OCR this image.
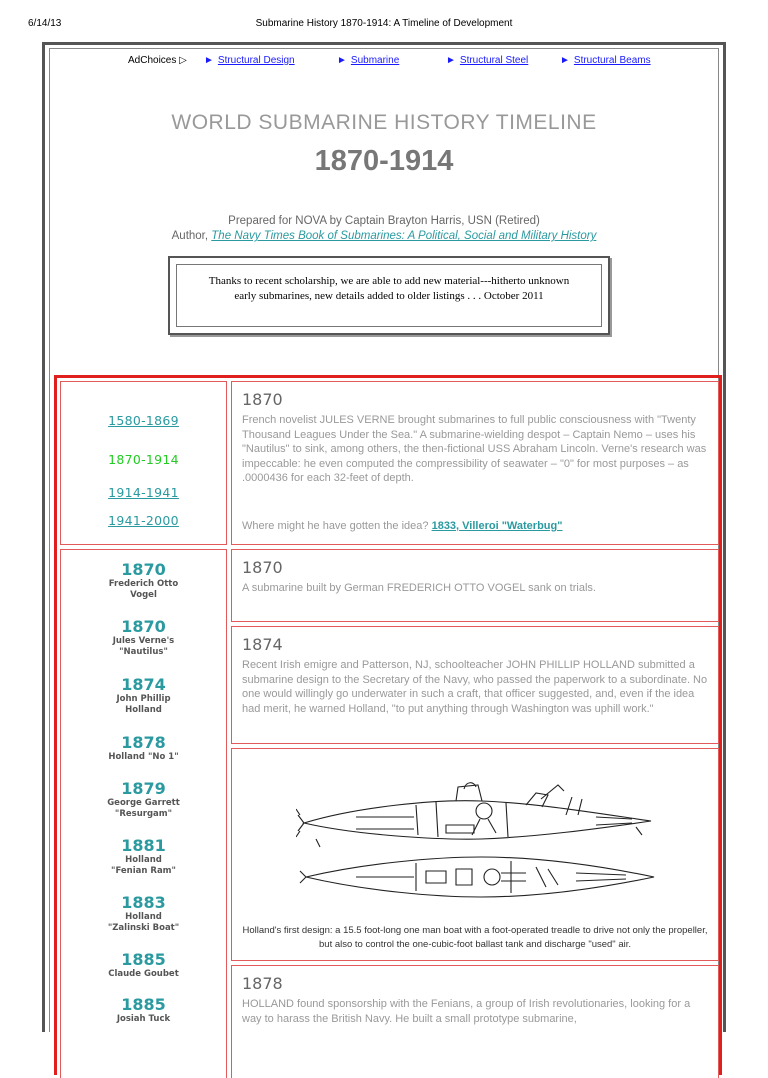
6/14/13	Submarine History 1870-1914: A Timeline of Development
AdChoices ▷ ► Structural Design	► Submarine	► Structural Steel	► Structural Beams
WORLD SUBMARINE HISTORY TIMELINE
1870-1914
Prepared for NOVA by Captain Brayton Harris, USN (Retired)
Author, The Navy Times Book of Submarines: A Political, Social and Military History
Thanks to recent scholarship, we are able to add new material---hitherto unknown
early submarines, new details added to older listings . . . October 2011
1580-1869
1870-1914
1914-1941
1941-2000
1870
French novelist JULES VERNE brought submarines to full public consciousness with "Twenty Thousand Leagues Under the Sea." A submarine-wielding despot – Captain Nemo – uses his "Nautilus" to sink, among others, the then-fictional USS Abraham Lincoln. Verne's research was impeccable: he even computed the compressibility of seawater – "0" for most purposes – as .0000436 for each 32-feet of depth.
Where might he have gotten the idea? 1833, Villeroi "Waterbug"
1870
Frederich Otto
Vogel
1870
Jules Verne's
"Nautilus"
1874
John Phillip
Holland
1878
Holland "No 1"
1879
George Garrett
"Resurgam"
1881
Holland
"Fenian Ram"
1883
Holland
"Zalinski Boat"
1885
Claude Goubet
1885
Josiah Tuck
1870
A submarine built by German FREDERICH OTTO VOGEL sank on trials.
1874
Recent Irish emigre and Patterson, NJ, schoolteacher JOHN PHILLIP HOLLAND submitted a submarine design to the Secretary of the Navy, who passed the paperwork to a subordinate. No one would willingly go underwater in such a craft, that officer suggested, and, even if the idea had merit, he warned Holland, "to put anything through Washington was uphill work."
Holland's first design: a 15.5 foot-long one man boat with a foot-operated treadle to drive not only the propeller, but also to control the one-cubic-foot ballast tank and discharge "used" air.
1878
HOLLAND found sponsorship with the Fenians, a group of Irish revolutionaries, looking for a way to harass the British Navy. He built a small prototype submarine,
